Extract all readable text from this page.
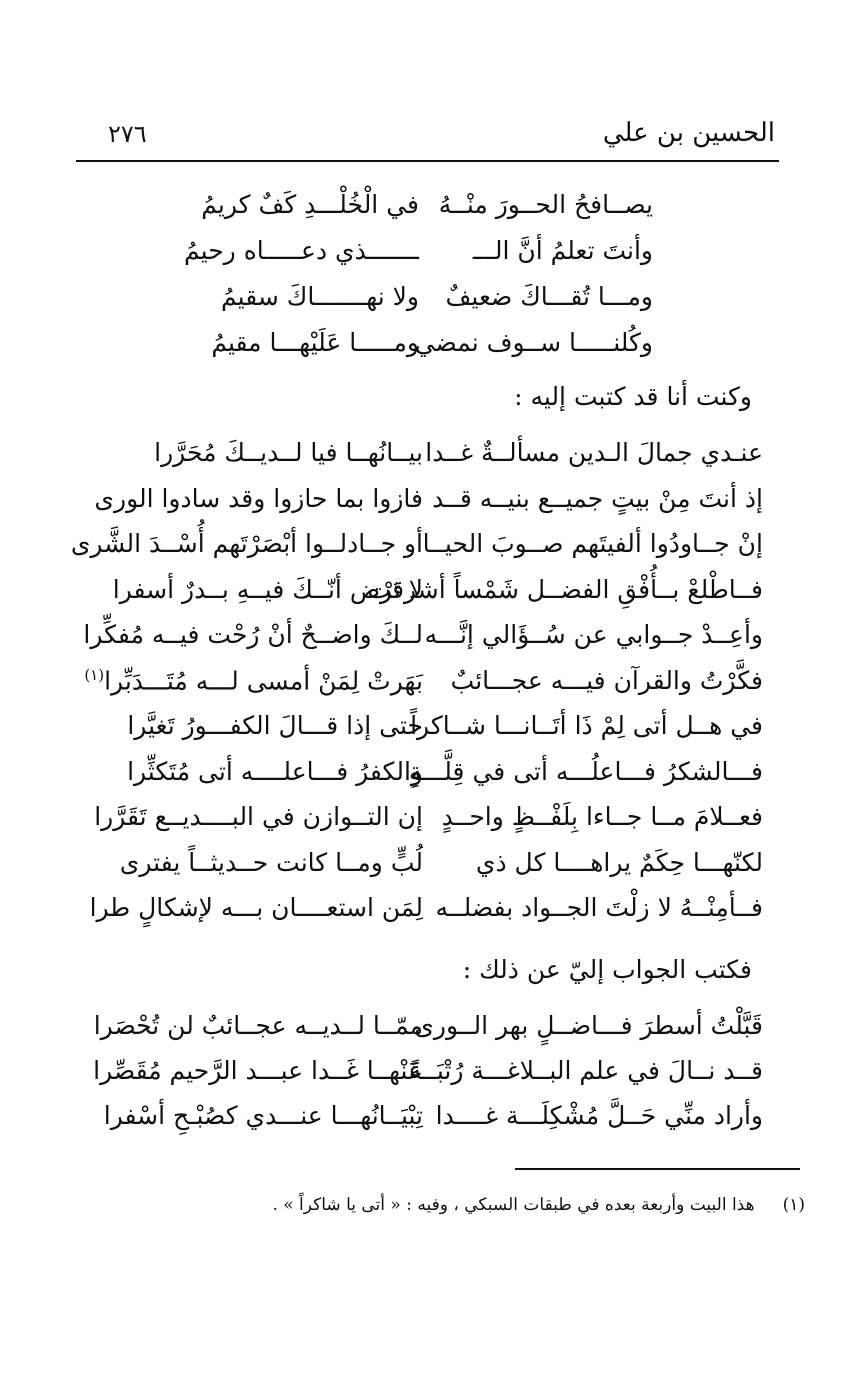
الحسين بن علي
٢٧٦
يصــافحُ الحــورَ منْــهُ
في الْخُلْـــدِ كَفٌ كريمُ
وأنتَ تعلمُ أنَّ الـــ
ـــــــذي دعـــــاه رحيمُ
ومـــا تُقـــاكَ ضعيفٌ
ولا نهـــــــاكَ سقيمُ
وكُلنـــــا ســوف نمضي
ومـــــا عَلَيْهـــا مقيمُ
وكنت أنا قد كتبت إليه :
عنـدي جمالَ الـدين مسألــةٌ غــدا
بيــانُهــا فيا لــديــكَ مُحَرَّرا
إذ أنتَ مِنْ بيتٍ جميــع بنيــه قــد
فازوا بما حازوا وقد سادوا الورى
إنْ جــاودُوا ألفيتَهم صــوبَ الحيــا
أو جــادلــوا أبْصَرْتَهم أُسْــدَ الشَّرى
فــاطْلعْ بــأُفْقِ الفضــل شَمْساً أشرقت
لا تَرْض أنّــكَ فيــهِ بــدرٌ أسفرا
وأعِــدْ جــوابي عن سُــؤَالي إنَّـــه
لــكَ واضــحٌ أنْ رُحْت فيــه مُفكِّرا
فكَّرْتُ والقرآن فيـــه عجـــائبٌ
بَهَرتْ لِمَنْ أمسى لـــه مُتَـــدَبِّرا$^{(١)}$
في هــل أتى لِمْ ذَا أتَــانـــا شــاكراً
حتى إذا قـــالَ الكفـــورُ تَغيَّرا
فـــالشكرُ فـــاعلُـــه أتى في قِلَّـــةٍ
والكفرُ فـــاعلــــه أتى مُتَكثِّرا
فعــلامَ مــا جــاءا بِلَفْــظٍ واحــدٍ
إن التــوازن في البــــديــع تَقَرَّرا
لكنّهـــا حِكَمٌ يراهــــا كل ذي
لُبٍّ ومــا كانت حــديثــاً يفترى
فــأمِنْــهُ لا زلْتَ الجــواد بفضلــه
لِمَن استعــــان بـــه لإشكالٍ طرا
فكتب الجواب إليّ عن ذلك :
قَبَّلْتُ أسطرَ فـــاضــلٍ بهر الــورى
ممّــا لــديــه عجــائبٌ لن تُحْصَرا
قــد نــالَ في علم البــلاغـــة رُتْبَــةً
عَنْهــا غَــدا عبـــد الرَّحيم مُقَصِّرا
وأراد منِّي حَــلَّ مُشْكِلَـــة غــــدا
تِبْيَــانُهـــا عنـــدي كصُبْـحِ أسْفرا
(١)هذا البيت وأربعة بعده في طبقات السبكي ، وفيه : « أتى يا شاكراً » .
